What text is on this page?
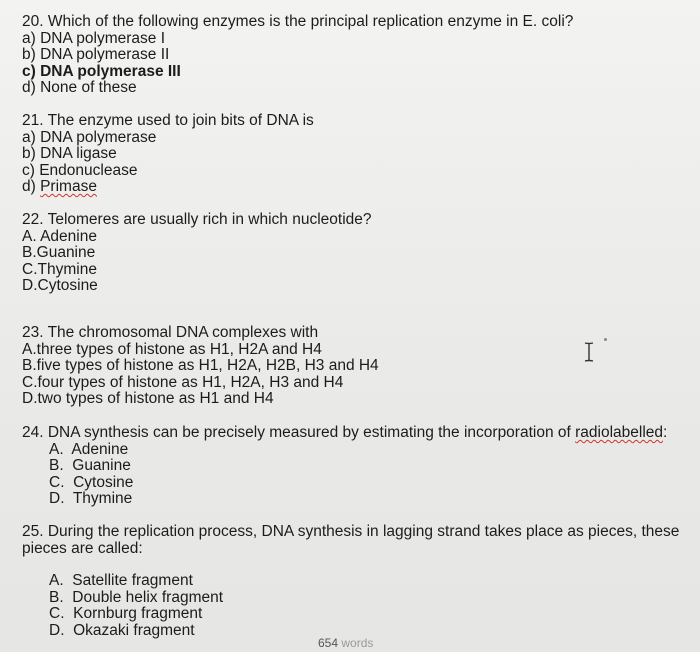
20. Which of the following enzymes is the principal replication enzyme in E. coli?
a) DNA polymerase I
b) DNA polymerase II
c) DNA polymerase III
d) None of these
21. The enzyme used to join bits of DNA is
a) DNA polymerase
b) DNA ligase
c) Endonuclease
d) Primase
22. Telomeres are usually rich in which nucleotide?
A. Adenine
B.Guanine
C.Thymine
D.Cytosine
23. The chromosomal DNA complexes with
A.three types of histone as H1, H2A and H4
B.five types of histone as H1, H2A, H2B, H3 and H4
C.four types of histone as H1, H2A, H3 and H4
D.two types of histone as H1 and H4
24. DNA synthesis can be precisely measured by estimating the incorporation of radiolabelled:
A.  Adenine
B.  Guanine
C.  Cytosine
D.  Thymine
25. During the replication process, DNA synthesis in lagging strand takes place as pieces, these
pieces are called:
A.  Satellite fragment
B.  Double helix fragment
C.  Kornburg fragment
D.  Okazaki fragment
654 words
